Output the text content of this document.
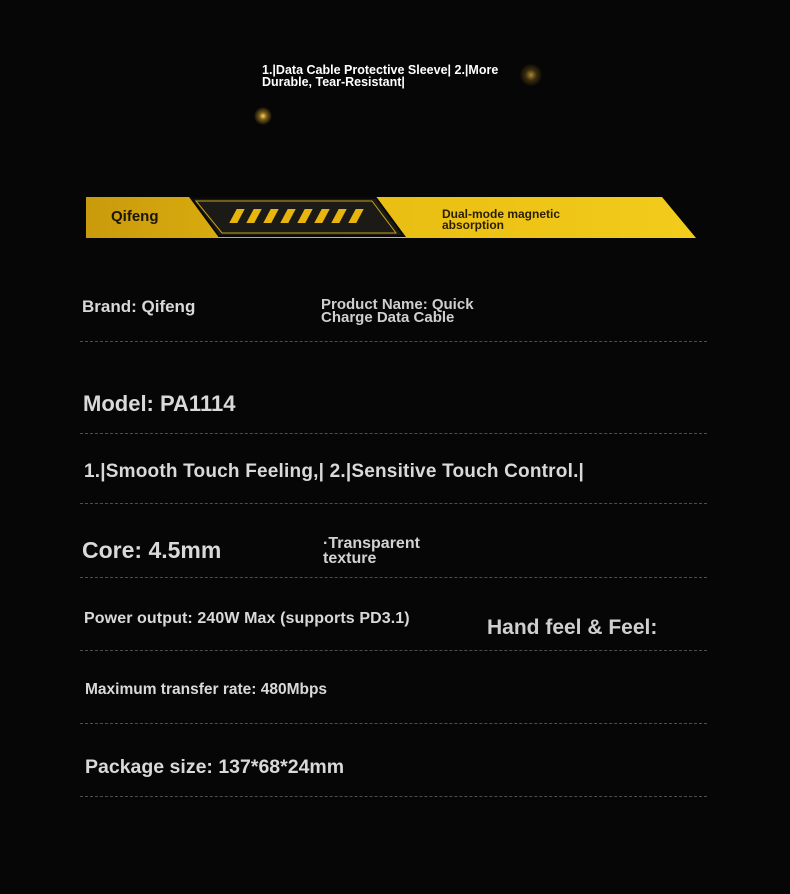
1.|Data Cable Protective Sleeve| 2.|More
Durable, Tear-Resistant|
Qifeng	Dual-mode magnetic
absorption
Brand: Qifeng	Product Name: Quick
Charge Data Cable
Model: PA1114
1.|Smooth Touch Feeling,| 2.|Sensitive Touch Control.|
Core: 4.5mm	·Transparent
texture
Power output: 240W Max (supports PD3.1)	Hand feel & Feel:
Maximum transfer rate: 480Mbps
Package size: 137*68*24mm
